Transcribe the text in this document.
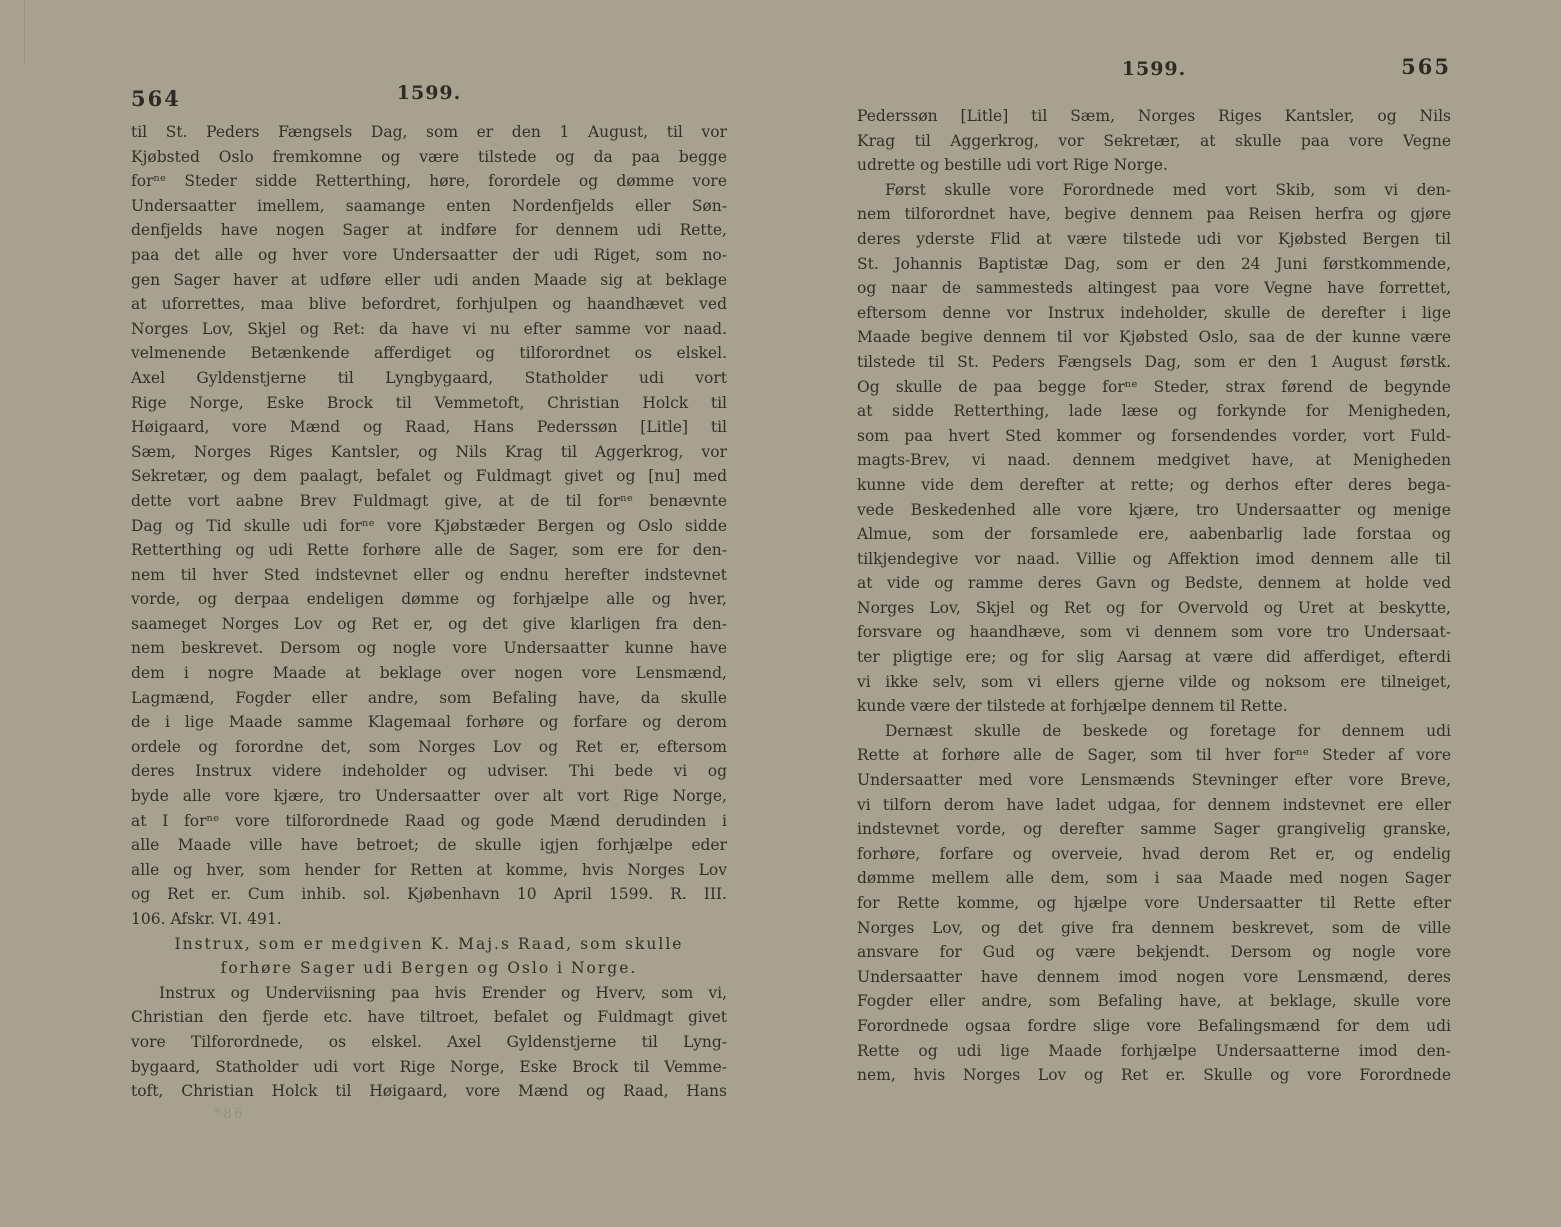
564	1599.
til St. Peders Fængsels Dag, som er den 1 August, til vor
Kjøbsted Oslo fremkomne og være tilstede og da paa begge
forⁿᵉ Steder sidde Retterthing, høre, forordele og dømme vore
Undersaatter imellem, saamange enten Nordenfjelds eller Søn-
denfjelds have nogen Sager at indføre for dennem udi Rette,
paa det alle og hver vore Undersaatter der udi Riget, som no-
gen Sager haver at udføre eller udi anden Maade sig at beklage
at uforrettes, maa blive befordret, forhjulpen og haandhævet ved
Norges Lov, Skjel og Ret: da have vi nu efter samme vor naad.
velmenende Betænkende afferdiget og tilforordnet os elskel.
Axel Gyldenstjerne til Lyngbygaard, Statholder udi vort
Rige Norge, Eske Brock til Vemmetoft, Christian Holck til
Høigaard, vore Mænd og Raad, Hans Pederssøn [Litle] til
Sæm, Norges Riges Kantsler, og Nils Krag til Aggerkrog, vor
Sekretær, og dem paalagt, befalet og Fuldmagt givet og [nu] med
dette vort aabne Brev Fuldmagt give, at de til forⁿᵉ benævnte
Dag og Tid skulle udi forⁿᵉ vore Kjøbstæder Bergen og Oslo sidde
Retterthing og udi Rette forhøre alle de Sager, som ere for den-
nem til hver Sted indstevnet eller og endnu herefter indstevnet
vorde, og derpaa endeligen dømme og forhjælpe alle og hver,
saameget Norges Lov og Ret er, og det give klarligen fra den-
nem beskrevet. Dersom og nogle vore Undersaatter kunne have
dem i nogre Maade at beklage over nogen vore Lensmænd,
Lagmænd, Fogder eller andre, som Befaling have, da skulle
de i lige Maade samme Klagemaal forhøre og forfare og derom
ordele og forordne det, som Norges Lov og Ret er, eftersom
deres Instrux videre indeholder og udviser. Thi bede vi og
byde alle vore kjære, tro Undersaatter over alt vort Rige Norge,
at I forⁿᵉ vore tilforordnede Raad og gode Mænd derudinden i
alle Maade ville have betroet; de skulle igjen forhjælpe eder
alle og hver, som hender for Retten at komme, hvis Norges Lov
og Ret er. Cum inhib. sol. Kjøbenhavn 10 April 1599. R. III.
106. Afskr. VI. 491.
Instrux, som er medgiven K. Maj.s Raad, som skulle
forhøre Sager udi Bergen og Oslo i Norge.
Instrux og Underviisning paa hvis Erender og Hverv, som vi,
Christian den fjerde etc. have tiltroet, befalet og Fuldmagt givet
vore Tilforordnede, os elskel. Axel Gyldenstjerne til Lyng-
bygaard, Statholder udi vort Rige Norge, Eske Brock til Vemme-
toft, Christian Holck til Høigaard, vore Mænd og Raad, Hans
*86
1599.	565
Pederssøn [Litle] til Sæm, Norges Riges Kantsler, og Nils
Krag til Aggerkrog, vor Sekretær, at skulle paa vore Vegne
udrette og bestille udi vort Rige Norge.
Først skulle vore Forordnede med vort Skib, som vi den-
nem tilforordnet have, begive dennem paa Reisen herfra og gjøre
deres yderste Flid at være tilstede udi vor Kjøbsted Bergen til
St. Johannis Baptistæ Dag, som er den 24 Juni førstkommende,
og naar de sammesteds altingest paa vore Vegne have forrettet,
eftersom denne vor Instrux indeholder, skulle de derefter i lige
Maade begive dennem til vor Kjøbsted Oslo, saa de der kunne være
tilstede til St. Peders Fængsels Dag, som er den 1 August førstk.
Og skulle de paa begge forⁿᵉ Steder, strax førend de begynde
at sidde Retterthing, lade læse og forkynde for Menigheden,
som paa hvert Sted kommer og forsendendes vorder, vort Fuld-
magts-Brev, vi naad. dennem medgivet have, at Menigheden
kunne vide dem derefter at rette; og derhos efter deres bega-
vede Beskedenhed alle vore kjære, tro Undersaatter og menige
Almue, som der forsamlede ere, aabenbarlig lade forstaa og
tilkjendegive vor naad. Villie og Affektion imod dennem alle til
at vide og ramme deres Gavn og Bedste, dennem at holde ved
Norges Lov, Skjel og Ret og for Overvold og Uret at beskytte,
forsvare og haandhæve, som vi dennem som vore tro Undersaat-
ter pligtige ere; og for slig Aarsag at være did afferdiget, efterdi
vi ikke selv, som vi ellers gjerne vilde og noksom ere tilneiget,
kunde være der tilstede at forhjælpe dennem til Rette.
Dernæst skulle de beskede og foretage for dennem udi
Rette at forhøre alle de Sager, som til hver forⁿᵉ Steder af vore
Undersaatter med vore Lensmænds Stevninger efter vore Breve,
vi tilforn derom have ladet udgaa, for dennem indstevnet ere eller
indstevnet vorde, og derefter samme Sager grangivelig granske,
forhøre, forfare og overveie, hvad derom Ret er, og endelig
dømme mellem alle dem, som i saa Maade med nogen Sager
for Rette komme, og hjælpe vore Undersaatter til Rette efter
Norges Lov, og det give fra dennem beskrevet, som de ville
ansvare for Gud og være bekjendt. Dersom og nogle vore
Undersaatter have dennem imod nogen vore Lensmænd, deres
Fogder eller andre, som Befaling have, at beklage, skulle vore
Forordnede ogsaa fordre slige vore Befalingsmænd for dem udi
Rette og udi lige Maade forhjælpe Undersaatterne imod den-
nem, hvis Norges Lov og Ret er. Skulle og vore Forordnede
